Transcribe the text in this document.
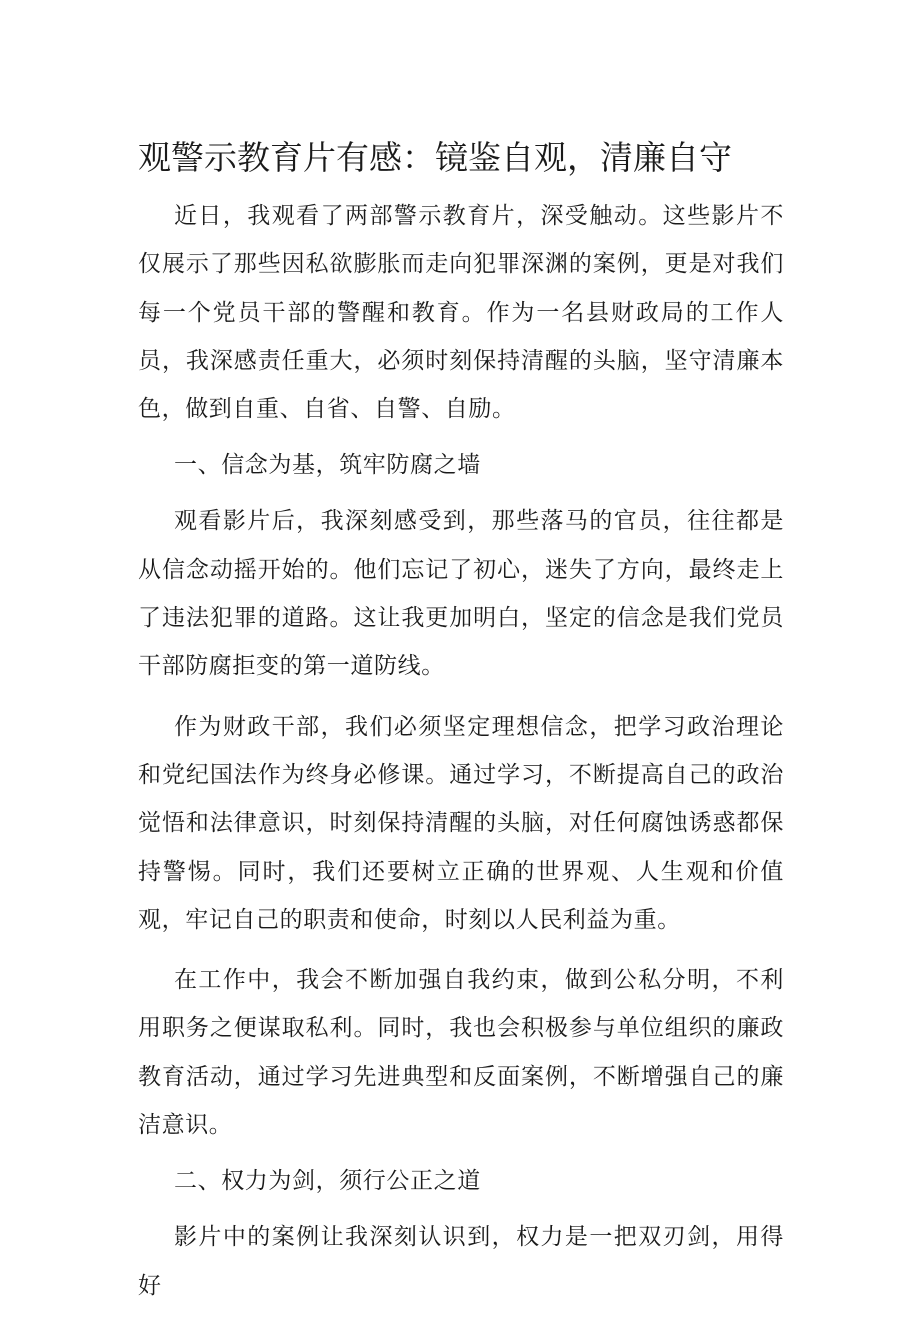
观警示教育片有感：镜鉴自观，清廉自守

近日，我观看了两部警示教育片，深受触动。这些影片不仅展示了那些因私欲膨胀而走向犯罪深渊的案例，更是对我们每一个党员干部的警醒和教育。作为一名县财政局的工作人员，我深感责任重大，必须时刻保持清醒的头脑，坚守清廉本色，做到自重、自省、自警、自励。

一、信念为基，筑牢防腐之墙

观看影片后，我深刻感受到，那些落马的官员，往往都是从信念动摇开始的。他们忘记了初心，迷失了方向，最终走上了违法犯罪的道路。这让我更加明白，坚定的信念是我们党员干部防腐拒变的第一道防线。

作为财政干部，我们必须坚定理想信念，把学习政治理论和党纪国法作为终身必修课。通过学习，不断提高自己的政治觉悟和法律意识，时刻保持清醒的头脑，对任何腐蚀诱惑都保持警惕。同时，我们还要树立正确的世界观、人生观和价值观，牢记自己的职责和使命，时刻以人民利益为重。

在工作中，我会不断加强自我约束，做到公私分明，不利用职务之便谋取私利。同时，我也会积极参与单位组织的廉政教育活动，通过学习先进典型和反面案例，不断增强自己的廉洁意识。

二、权力为剑，须行公正之道

影片中的案例让我深刻认识到，权力是一把双刃剑，用得好
